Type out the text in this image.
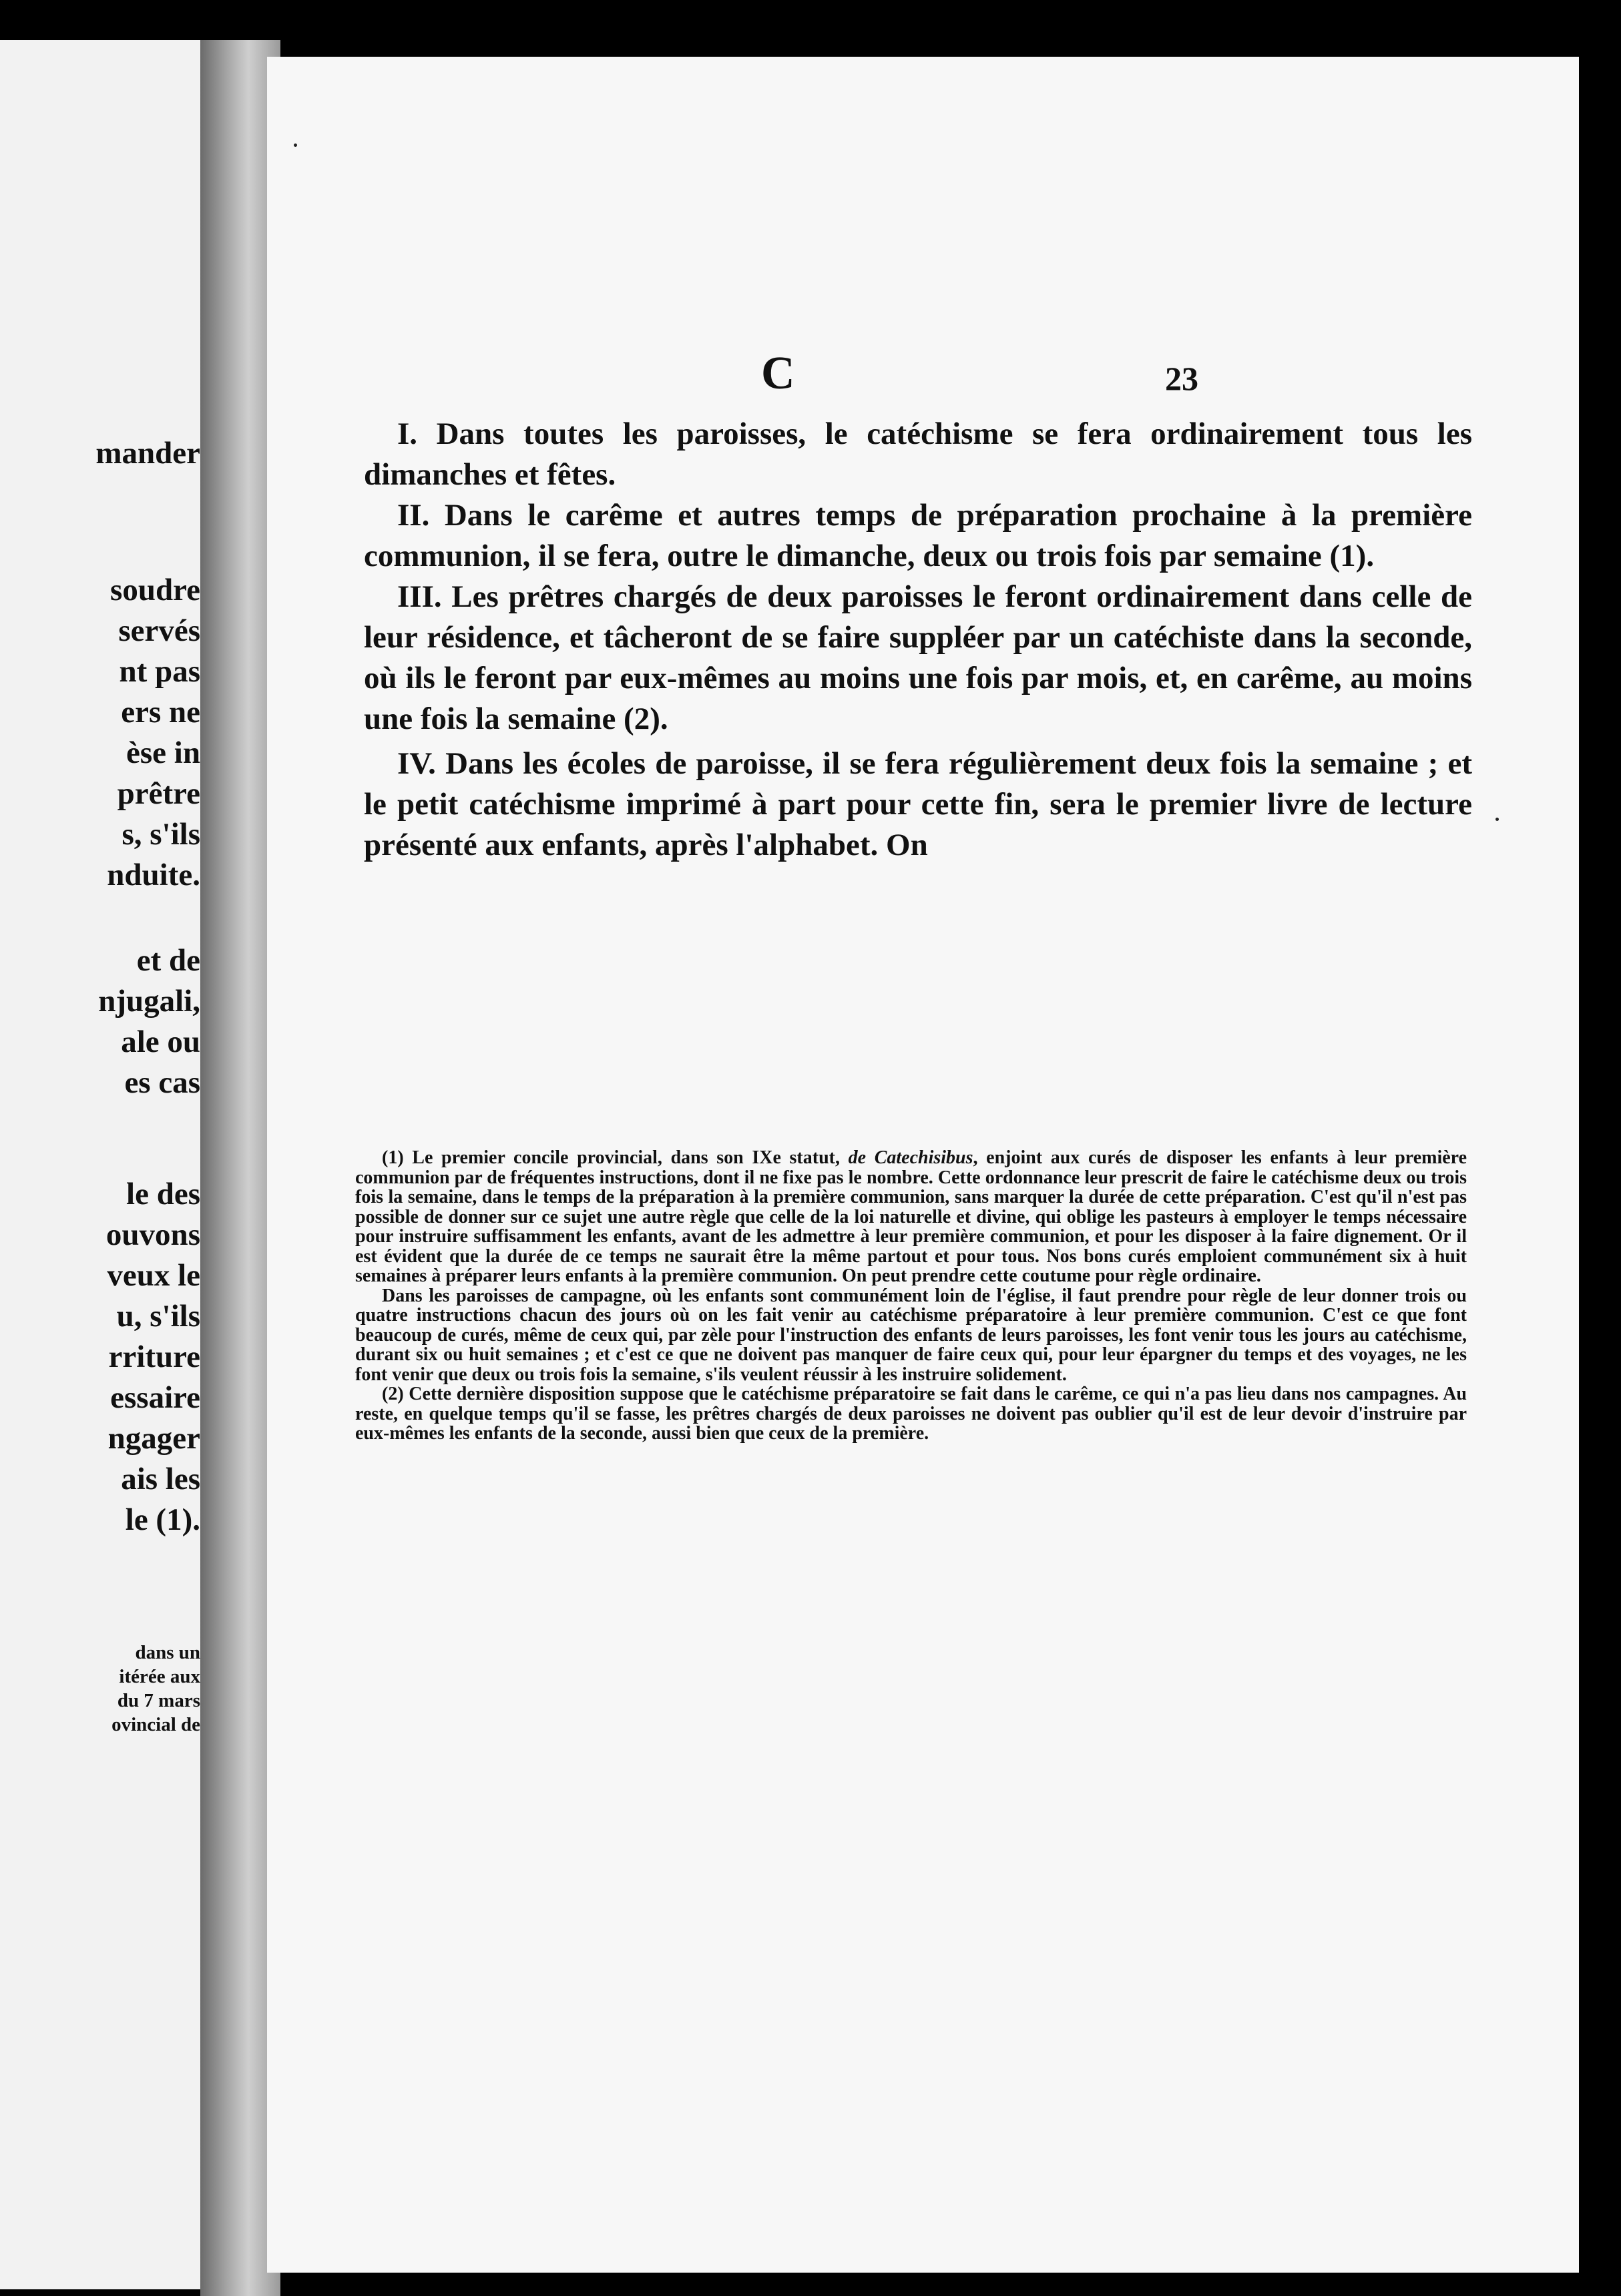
mander
soudre
servés
nt pas
ers ne
èse in
prêtre
s, s'ils
nduite.
et de
njugali,
ale ou
es cas
le des
ouvons
veux le
u, s'ils
rriture
essaire
ngager
ais les
le (1).
dans un
itérée aux
du 7 mars
ovincial de
C	23

I. Dans toutes les paroisses, le catéchisme se fera ordinairement tous les dimanches et fêtes.

II. Dans le carême et autres temps de préparation prochaine à la première communion, il se fera, outre le dimanche, deux ou trois fois par semaine (1).

III. Les prêtres chargés de deux paroisses le feront ordinairement dans celle de leur résidence, et tâcheront de se faire suppléer par un catéchiste dans la seconde, où ils le feront par eux-mêmes au moins une fois par mois, et, en carême, au moins une fois la semaine (2).

IV. Dans les écoles de paroisse, il se fera régulièrement deux fois la semaine ; et le petit catéchisme imprimé à part pour cette fin, sera le premier livre de lecture présenté aux enfants, après l'alphabet. On

(1) Le premier concile provincial, dans son IXe statut, de Catechisibus, enjoint aux curés de disposer les enfants à leur première communion par de fréquentes instructions, dont il ne fixe pas le nombre. Cette ordonnance leur prescrit de faire le catéchisme deux ou trois fois la semaine, dans le temps de la préparation à la première communion, sans marquer la durée de cette préparation. C'est qu'il n'est pas possible de donner sur ce sujet une autre règle que celle de la loi naturelle et divine, qui oblige les pasteurs à employer le temps nécessaire pour instruire suffisamment les enfants, avant de les admettre à leur première communion, et pour les disposer à la faire dignement. Or il est évident que la durée de ce temps ne saurait être la même partout et pour tous. Nos bons curés emploient communément six à huit semaines à préparer leurs enfants à la première communion. On peut prendre cette coutume pour règle ordinaire.

Dans les paroisses de campagne, où les enfants sont communément loin de l'église, il faut prendre pour règle de leur donner trois ou quatre instructions chacun des jours où on les fait venir au catéchisme préparatoire à leur première communion. C'est ce que font beaucoup de curés, même de ceux qui, par zèle pour l'instruction des enfants de leurs paroisses, les font venir tous les jours au catéchisme, durant six ou huit semaines ; et c'est ce que ne doivent pas manquer de faire ceux qui, pour leur épargner du temps et des voyages, ne les font venir que deux ou trois fois la semaine, s'ils veulent réussir à les instruire solidement.

(2) Cette dernière disposition suppose que le catéchisme préparatoire se fait dans le carême, ce qui n'a pas lieu dans nos campagnes. Au reste, en quelque temps qu'il se fasse, les prêtres chargés de deux paroisses ne doivent pas oublier qu'il est de leur devoir d'instruire par eux-mêmes les enfants de la seconde, aussi bien que ceux de la première.
